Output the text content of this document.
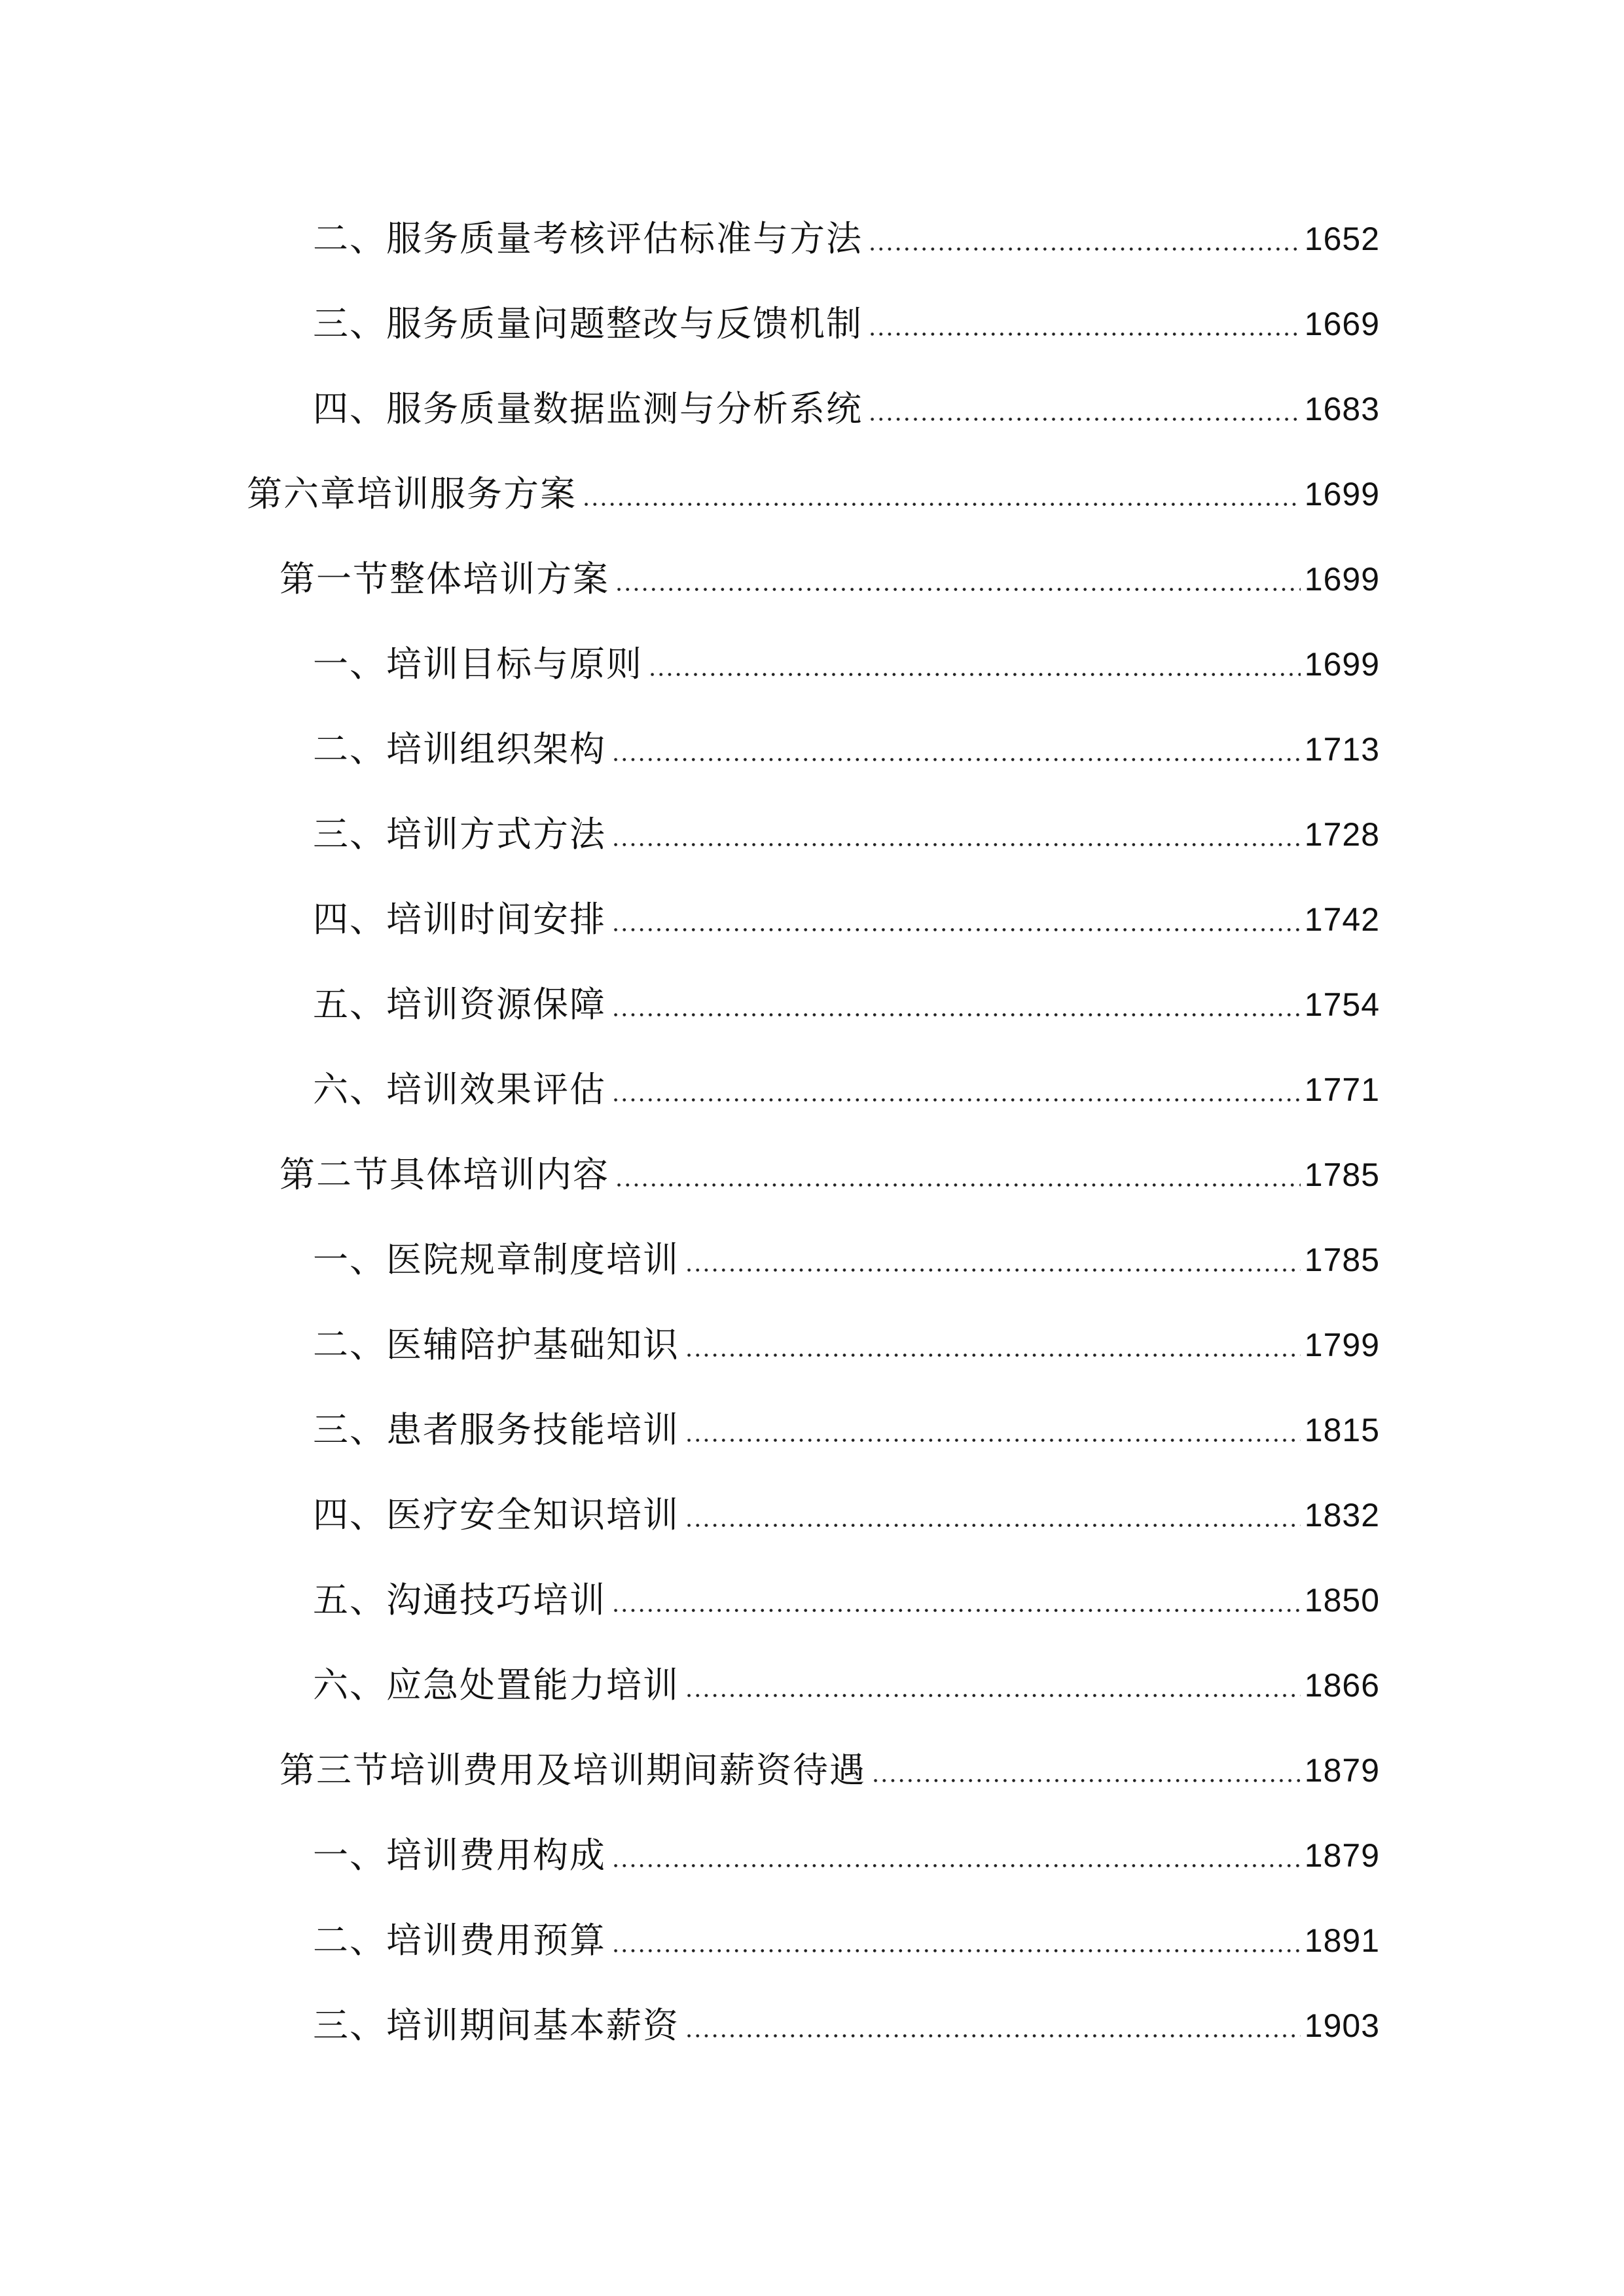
二、服务质量考核评估标准与方法	1652
三、服务质量问题整改与反馈机制	1669
四、服务质量数据监测与分析系统	1683
第六章培训服务方案	1699
第一节整体培训方案	1699
一、培训目标与原则	1699
二、培训组织架构	1713
三、培训方式方法	1728
四、培训时间安排	1742
五、培训资源保障	1754
六、培训效果评估	1771
第二节具体培训内容	1785
一、医院规章制度培训	1785
二、医辅陪护基础知识	1799
三、患者服务技能培训	1815
四、医疗安全知识培训	1832
五、沟通技巧培训	1850
六、应急处置能力培训	1866
第三节培训费用及培训期间薪资待遇	1879
一、培训费用构成	1879
二、培训费用预算	1891
三、培训期间基本薪资	1903
